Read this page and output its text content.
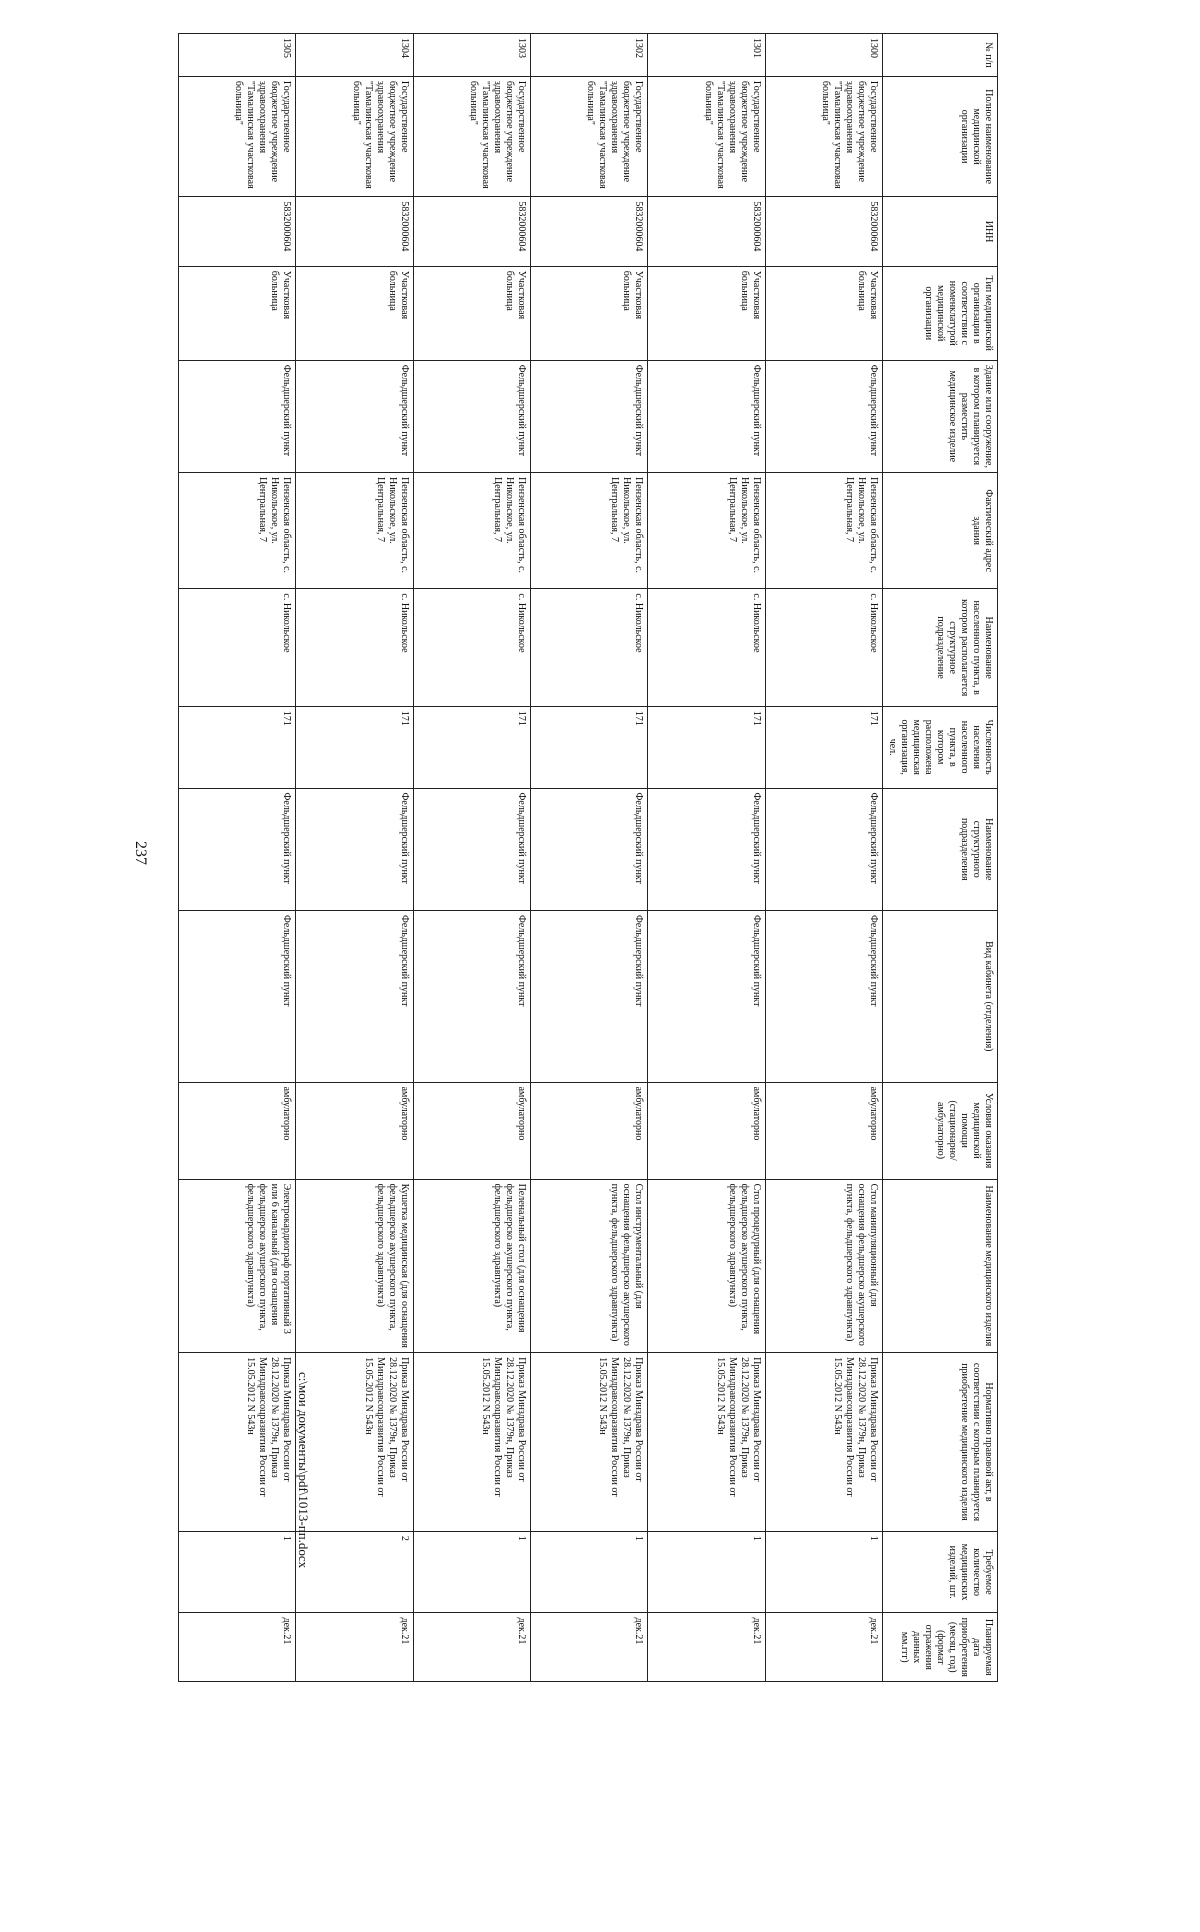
237
№ п/п	Полное наименование медицинской организации	ИНН	Тип медицинской организации в соответствии с номенклатурой медицинской организации	Здание или сооружение, в котором планируется разместить медицинское изделие	Фактический адрес здания	Наименование населенного пункта, в котором располагается структурное подразделение	Численность населения населенного пункта, в котором расположена медицинская организация, чел.	Наименование структурного подразделения	Вид кабинета (отделения)	Условия оказания медицинской помощи (стационарно/амбулаторно)	Наименование медицинского изделия	Нормативно правовой акт, в соответствии с которым планируется приобретение медицинского изделия	Требуемое количество медицинских изделий, шт.	Планируемая дата приобретения (месяц, год) (формат отражения данных мм.ггг)
1300	Государственное бюджетное учреждение здравоохранения "Тамалинская участковая больница"	5832000604	Участковая больница	Фельдшерский пункт	Пензенская область, с. Никольское, ул. Центральная, 7	с. Никольское	171	Фельдшерский пункт	Фельдшерский пункт	амбулаторно	Стол манипуляционный (для оснащения фельдшерско акушерского пункта, фельдшерского здравпункта)	Приказ Минздрава России от 28.12.2020 № 1379н, Приказ Минздравсоцразвития России от 15.05.2012 N 543н	1	дек.21
1301	Государственное бюджетное учреждение здравоохранения "Тамалинская участковая больница"	5832000604	Участковая больница	Фельдшерский пункт	Пензенская область, с. Никольское, ул. Центральная, 7	с. Никольское	171	Фельдшерский пункт	Фельдшерский пункт	амбулаторно	Стол процедурный (для оснащения фельдшерско акушерского пункта, фельдшерского здравпункта)	Приказ Минздрава России от 28.12.2020 № 1379н, Приказ Минздравсоцразвития России от 15.05.2012 N 543н	1	дек.21
1302	Государственное бюджетное учреждение здравоохранения "Тамалинская участковая больница"	5832000604	Участковая больница	Фельдшерский пункт	Пензенская область, с. Никольское, ул. Центральная, 7	с. Никольское	171	Фельдшерский пункт	Фельдшерский пункт	амбулаторно	Стол инструментальный (для оснащения фельдшерско акушерского пункта, фельдшерского здравпункта)	Приказ Минздрава России от 28.12.2020 № 1379н, Приказ Минздравсоцразвития России от 15.05.2012 N 543н	1	дек.21
1303	Государственное бюджетное учреждение здравоохранения "Тамалинская участковая больница"	5832000604	Участковая больница	Фельдшерский пункт	Пензенская область, с. Никольское, ул. Центральная, 7	с. Никольское	171	Фельдшерский пункт	Фельдшерский пункт	амбулаторно	Пеленальный стол (для оснащения фельдшерско акушерского пункта, фельдшерского здравпункта)	Приказ Минздрава России от 28.12.2020 № 1379н, Приказ Минздравсоцразвития России от 15.05.2012 N 543н	1	дек.21
1304	Государственное бюджетное учреждение здравоохранения "Тамалинская участковая больница"	5832000604	Участковая больница	Фельдшерский пункт	Пензенская область, с. Никольское, ул. Центральная, 7	с. Никольское	171	Фельдшерский пункт	Фельдшерский пункт	амбулаторно	Кушетка медицинская (для оснащения фельдшерско акушерского пункта, фельдшерского здравпункта)	Приказ Минздрава России от 28.12.2020 № 1379н, Приказ Минздравсоцразвития России от 15.05.2012 N 543н	2	дек.21
1305	Государственное бюджетное учреждение здравоохранения "Тамалинская участковая больница"	5832000604	Участковая больница	Фельдшерский пункт	Пензенская область, с. Никольское, ул. Центральная, 7	с. Никольское	171	Фельдшерский пункт	Фельдшерский пункт	амбулаторно	Электрокардиограф портативный 3 или 6 канальный (для оснащения фельдшерско акушерского пункта, фельдшерского здравпункта)	Приказ Минздрава России от 28.12.2020 № 1379н, Приказ Минздравсоцразвития России от 15.05.2012 N 543н	1	дек.21
c:\мои документы\pdf\1013-пп.docx
